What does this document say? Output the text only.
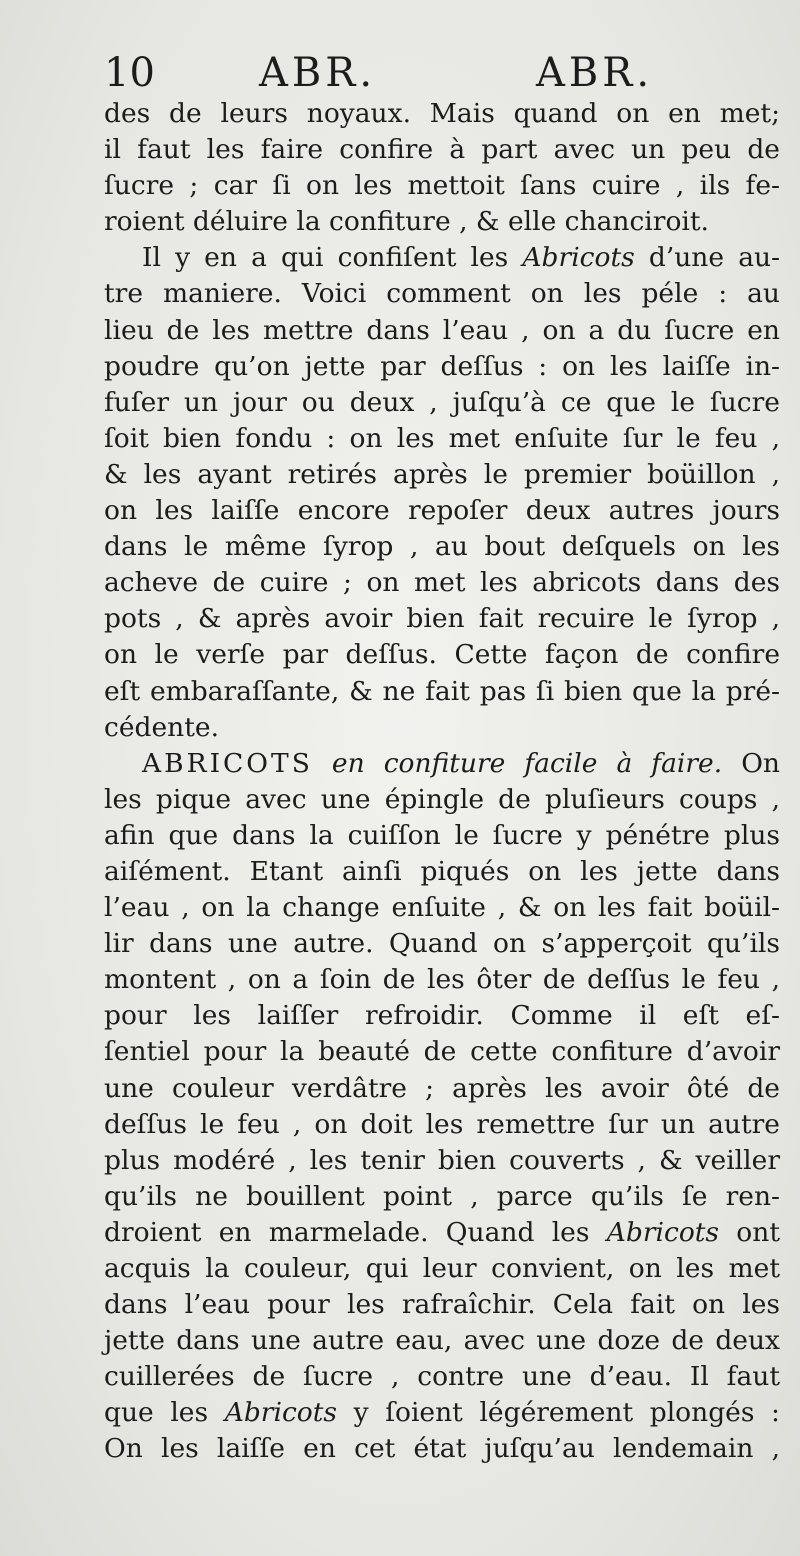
10	ABR.	ABR.
des de leurs noyaux. Mais quand on en met;
il faut les faire confire à part avec un peu de
ſucre ; car ſi on les mettoit ſans cuire , ils fe-
roient déluire la confiture , & elle chanciroit.
Il y en a qui confiſent les Abricots d’une au-
tre maniere. Voici comment on les péle : au
lieu de les mettre dans l’eau , on a du ſucre en
poudre qu’on jette par deſſus : on les laiſſe in-
fuſer un jour ou deux , juſqu’à ce que le ſucre
ſoit bien fondu : on les met enſuite ſur le feu ,
& les ayant retirés après le premier boüillon ,
on les laiſſe encore repoſer deux autres jours
dans le même ſyrop , au bout deſquels on les
acheve de cuire ; on met les abricots dans des
pots , & après avoir bien fait recuire le ſyrop ,
on le verſe par deſſus. Cette façon de confire
eſt embaraſſante, & ne fait pas ſi bien que la pré-
cédente.
ABRICOTS en confiture facile à faire. On
les pique avec une épingle de pluſieurs coups ,
afin que dans la cuiſſon le ſucre y pénétre plus
aiſément. Etant ainſi piqués on les jette dans
l’eau , on la change enſuite , & on les fait boüil-
lir dans une autre. Quand on s’apperçoit qu’ils
montent , on a ſoin de les ôter de deſſus le feu ,
pour les laiſſer refroidir. Comme il eſt eſ-
ſentiel pour la beauté de cette confiture d’avoir
une couleur verdâtre ; après les avoir ôté de
deſſus le feu , on doit les remettre ſur un autre
plus modéré , les tenir bien couverts , & veiller
qu’ils ne bouillent point , parce qu’ils ſe ren-
droient en marmelade. Quand les Abricots ont
acquis la couleur, qui leur convient, on les met
dans l’eau pour les rafraîchir. Cela fait on les
jette dans une autre eau, avec une doze de deux
cuillerées de ſucre , contre une d’eau. Il faut
que les Abricots y ſoient légérement plongés :
On les laiſſe en cet état juſqu’au lendemain ,
